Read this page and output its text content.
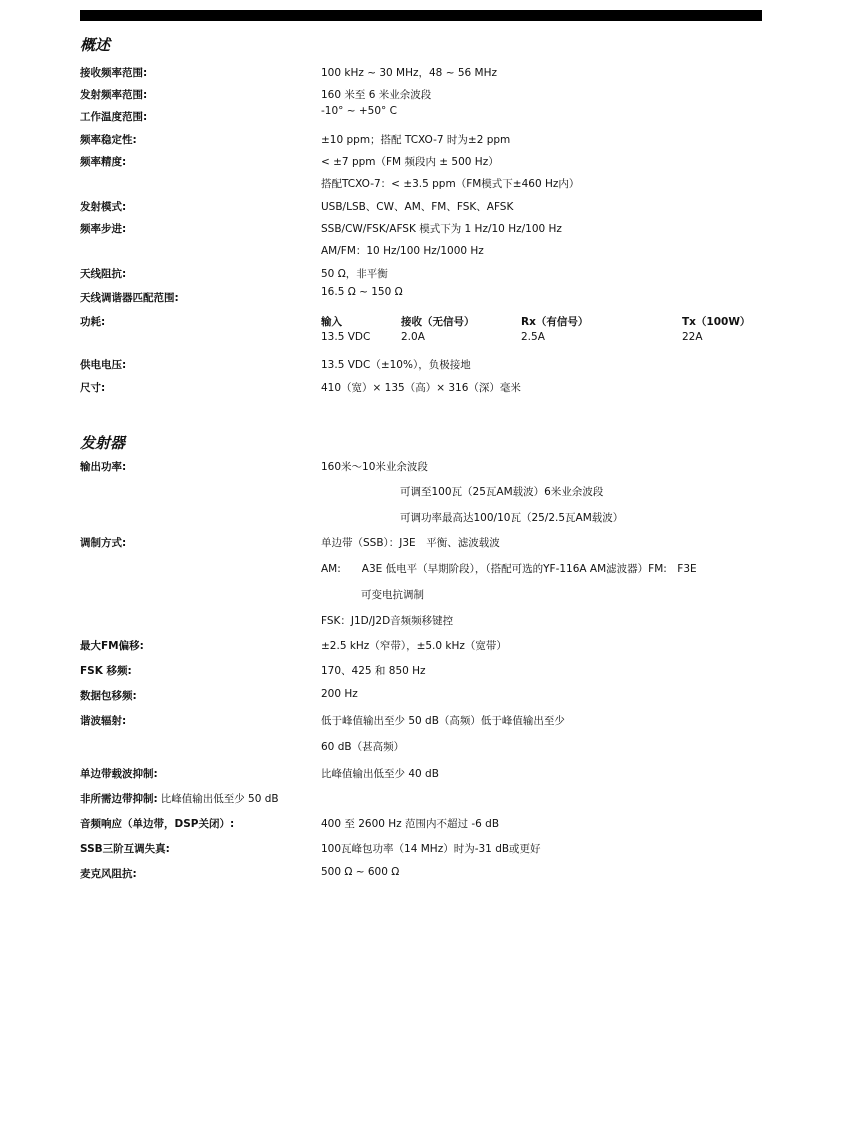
概述
接收频率范围:	100 kHz ~ 30 MHz，48 ~ 56 MHz
发射频率范围:	160 米至 6 米业余波段
工作温度范围:	-10° ~ +50° C
频率稳定性:	±10 ppm；搭配 TCXO-7 时为±2 ppm
频率精度:	< ±7 ppm（FM 频段内 ± 500 Hz）
搭配TCXO-7：< ±3.5 ppm（FM模式下±460 Hz内）
发射模式:	USB/LSB、CW、AM、FM、FSK、AFSK
频率步进:	SSB/CW/FSK/AFSK 模式下为 1 Hz/10 Hz/100 Hz
AM/FM：10 Hz/100 Hz/1000 Hz
天线阻抗:	50 Ω，非平衡
天线调谐器匹配范围:	16.5 Ω ~ 150 Ω
功耗:	输入	接收（无信号）	Rx（有信号）	Tx（100W）
13.5 VDC	2.0A	2.5A	22A
供电电压:	13.5 VDC（±10%），负极接地
尺寸:	410（宽）× 135（高）× 316（深）毫米
发射器
输出功率:	160米～10米业余波段
可调至100瓦（25瓦AM载波）6米业余波段
可调功率最高达100/10瓦（25/2.5瓦AM载波）
调制方式:	单边带（SSB）：J3E　平衡、滤波载波
AM:　　A3E 低电平（早期阶段），（搭配可选的YF-116A AM滤波器）FM:　F3E
可变电抗调制
FSK：J1D/J2D音频频移键控
最大FM偏移:	±2.5 kHz（窄带），±5.0 kHz（宽带）
FSK 移频:	170、425 和 850 Hz
数据包移频:	200 Hz
谐波辐射:	低于峰值输出至少 50 dB（高频）低于峰值输出至少
60 dB（甚高频）
单边带载波抑制:	比峰值输出低至少 40 dB
非所需边带抑制: 比峰值输出低至少 50 dB
音频响应（单边带，DSP关闭）:	400 至 2600 Hz 范围内不超过 -6 dB
SSB三阶互调失真:	100瓦峰包功率（14 MHz）时为-31 dB或更好
麦克风阻抗:	500 Ω ~ 600 Ω
